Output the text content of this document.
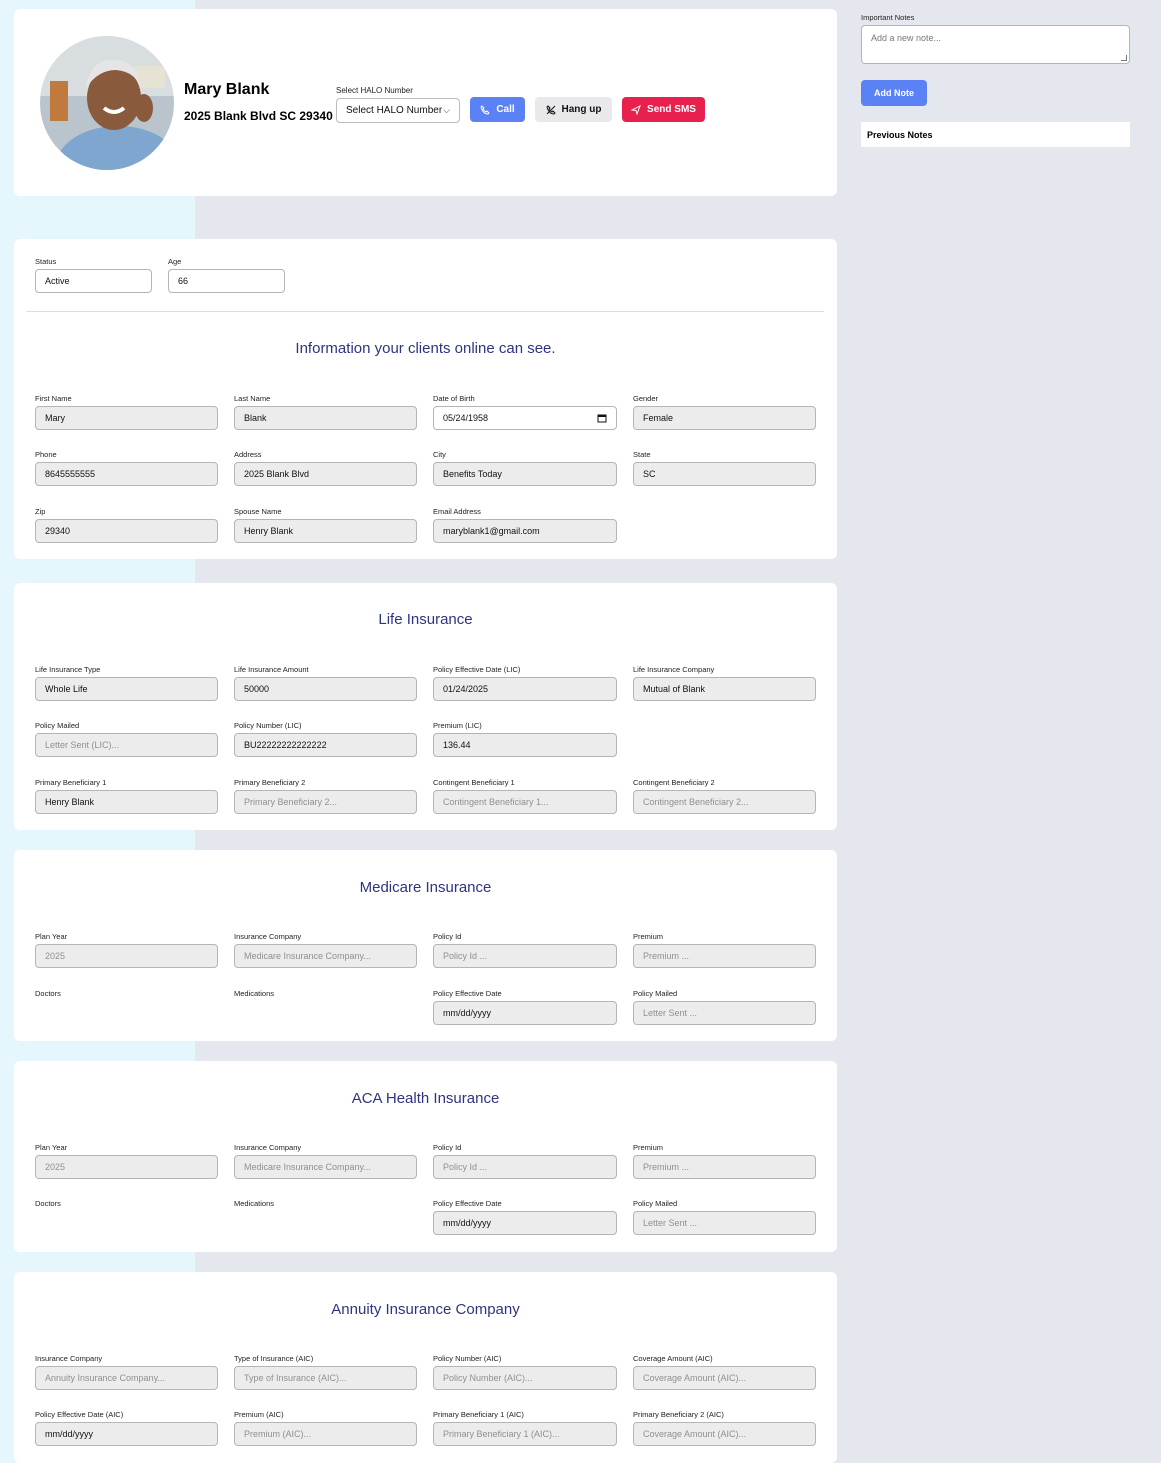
Mary Blank
2025 Blank Blvd SC 29340
Select HALO Number
Select HALO Number ⌵	Call	Hang up	Send SMS
Status
Active
Age
66
Information your clients online can see.
First Name
Mary
Last Name
Blank
Date of Birth
05/24/1958
Gender
Female
Phone
8645555555
Address
2025 Blank Blvd
City
Benefits Today
State
SC
Zip
29340
Spouse Name
Henry Blank
Email Address
maryblank1@gmail.com
Life Insurance
Life Insurance Type
Whole Life
Life Insurance Amount
50000
Policy Effective Date (LIC)
01/24/2025
Life Insurance Company
Mutual of Blank
Policy Mailed
Letter Sent (LIC)...
Policy Number (LIC)
BU22222222222222
Premium (LIC)
136.44
Primary Beneficiary 1
Henry Blank
Primary Beneficiary 2
Primary Beneficiary 2...
Contingent Beneficiary 1
Contingent Beneficiary 1...
Contingent Beneficiary 2
Contingent Beneficiary 2...
Medicare Insurance
Plan Year
2025
Insurance Company
Medicare Insurance Company...
Policy Id
Policy Id ...
Premium
Premium ...
Doctors	Medications	Policy Effective Date
mm/dd/yyyy
Policy Mailed
Letter Sent ...
ACA Health Insurance
Plan Year
2025
Insurance Company
Medicare Insurance Company...
Policy Id
Policy Id ...
Premium
Premium ...
Doctors	Medications	Policy Effective Date
mm/dd/yyyy
Policy Mailed
Letter Sent ...
Annuity Insurance Company
Insurance Company
Annuity Insurance Company...
Type of Insurance (AIC)
Type of Insurance (AIC)...
Policy Number (AIC)
Policy Number (AIC)...
Coverage Amount (AIC)
Coverage Amount (AIC)...
Policy Effective Date (AIC)
mm/dd/yyyy
Premium (AIC)
Premium (AIC)...
Primary Beneficiary 1 (AIC)
Primary Beneficiary 1 (AIC)...
Primary Beneficiary 2 (AIC)
Coverage Amount (AIC)...
Important Notes
Add a new note...
Add Note
Previous Notes
